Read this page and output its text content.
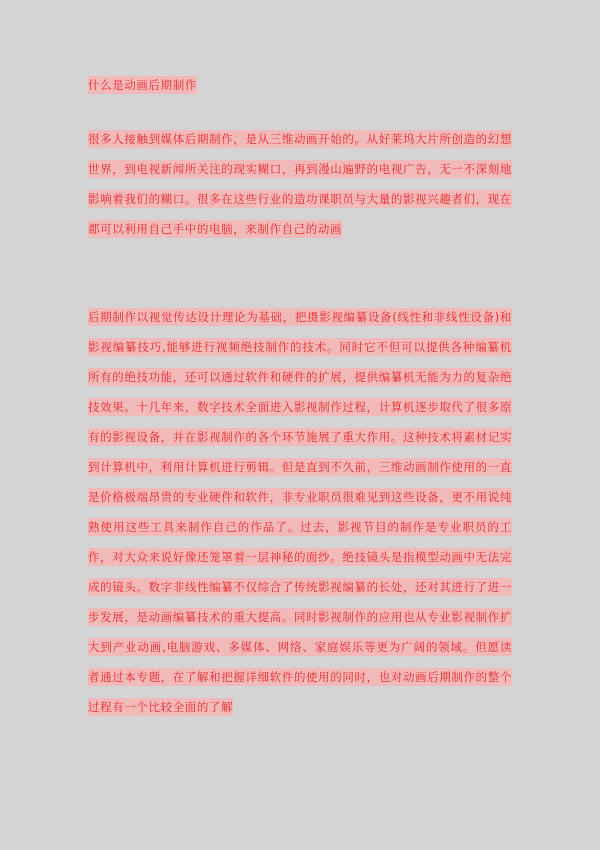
什么是动画后期制作

很多人接触到媒体后期制作，是从三维动画开始的。从好莱坞大片所创造的幻想世界，到电视新闻所关注的现实糊口，再到漫山遍野的电视广告，无一不深刻地影响着我们的糊口。很多在这些行业的造功课职员与大量的影视兴趣者们，现在都可以利用自己手中的电脑，来制作自己的动画

后期制作以视觉传达设计理论为基础，把摄影视编纂设备(线性和非线性设备)和影视编纂技巧,能够进行视频绝技制作的技术。同时它不但可以提供各种编纂机所有的绝技功能，还可以通过软件和硬件的扩展，提供编纂机无能为力的复杂绝技效果。十几年来，数字技术全面进入影视制作过程，计算机逐步取代了很多原有的影视设备，并在影视制作的各个环节施展了重大作用。这种技术将素材记实到计算机中，利用计算机进行剪辑。但是直到不久前，三维动画制作使用的一直是价格极端昂贵的专业硬件和软件，非专业职员很难见到这些设备，更不用说纯熟使用这些工具来制作自己的作品了。过去，影视节目的制作是专业职员的工作，对大众来说好像还笼罩着一层神秘的面纱。绝技镜头是指模型动画中无法完成的镜头。数字非线性编纂不仅综合了传统影视编纂的长处，还对其进行了进一步发展，是动画编纂技术的重大提高。同时影视制作的应用也从专业影视制作扩大到产业动画,电脑游戏、多媒体、网络、家庭娱乐等更为广阔的领域。但愿读者通过本专题，在了解和把握详细软件的使用的同时，也对动画后期制作的整个过程有一个比较全面的了解
